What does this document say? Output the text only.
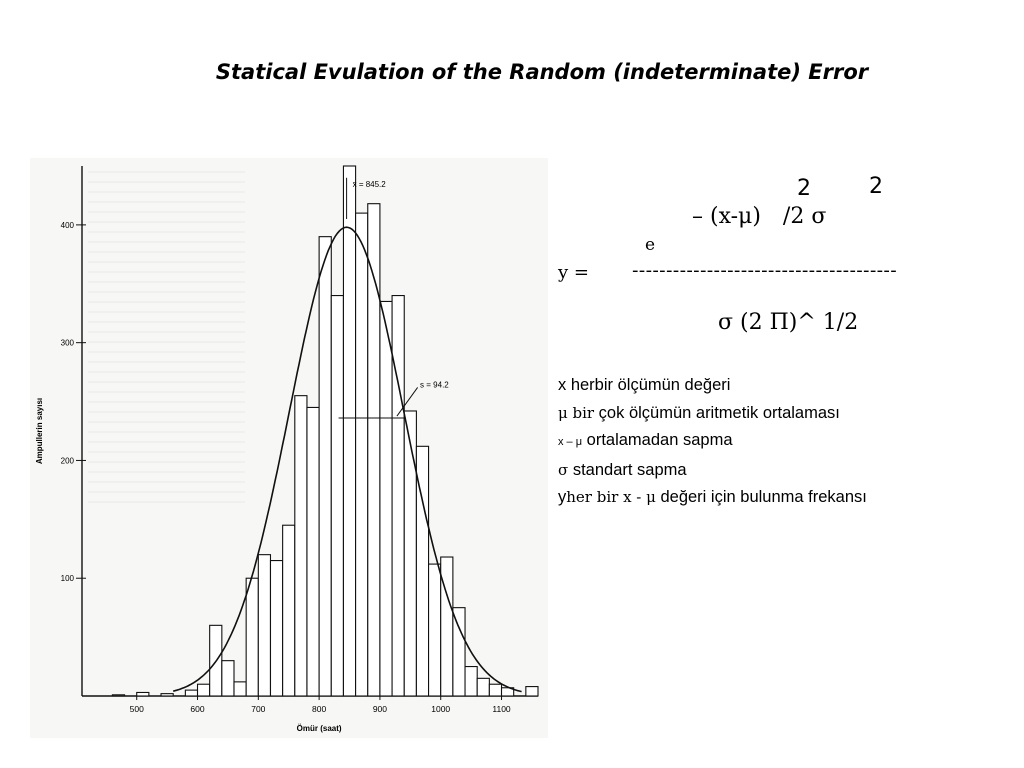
Statical Evulation of the Random (indeterminate) Error
100
200
300
400
500	600	700	800	900	1000	1100
Ampullerin sayısı
Ömür (saat)
x̄ = 845.2
s = 94.2
e
– (x-μ) /2 σ
2	2
y = ---------------------------------------
σ (2 Π)^ 1/2
x herbir ölçümün değeri
μ bir çok ölçümün aritmetik ortalaması
x – μ ortalamadan sapma
σ standart sapma
yher bir x - μ değeri için bulunma frekansı
